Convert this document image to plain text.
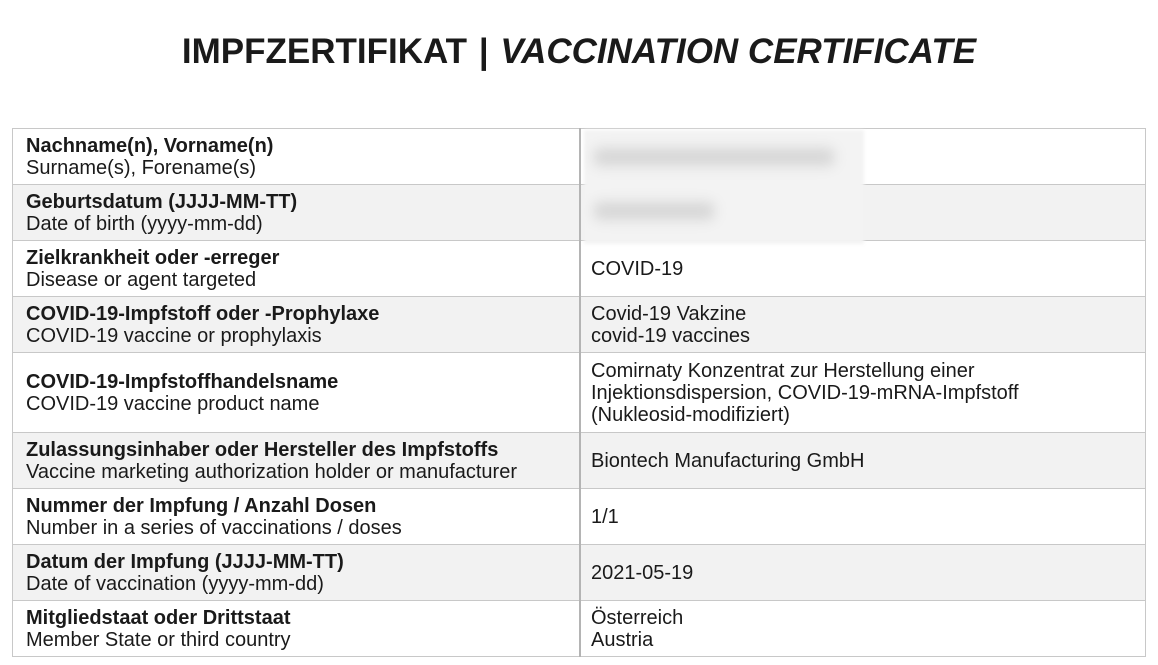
IMPFZERTIFIKAT | VACCINATION CERTIFICATE
Nachname(n), Vorname(n)
Surname(s), Forename(s)	

Geburtsdatum (JJJJ-MM-TT)
Date of birth (yyyy-mm-dd)	

Zielkrankheit oder -erreger
Disease or agent targeted	COVID-19

COVID-19-Impfstoff oder -Prophylaxe
COVID-19 vaccine or prophylaxis	Covid-19 Vakzine
covid-19 vaccines

COVID-19-Impfstoffhandelsname
COVID-19 vaccine product name	Comirnaty Konzentrat zur Herstellung einer
Injektionsdispersion, COVID-19-mRNA-Impfstoff
(Nukleosid-modifiziert)

Zulassungsinhaber oder Hersteller des Impfstoffs
Vaccine marketing authorization holder or manufacturer	Biontech Manufacturing GmbH

Nummer der Impfung / Anzahl Dosen
Number in a series of vaccinations / doses	1/1

Datum der Impfung (JJJJ-MM-TT)
Date of vaccination (yyyy-mm-dd)	2021-05-19

Mitgliedstaat oder Drittstaat
Member State or third country	Österreich
Austria
